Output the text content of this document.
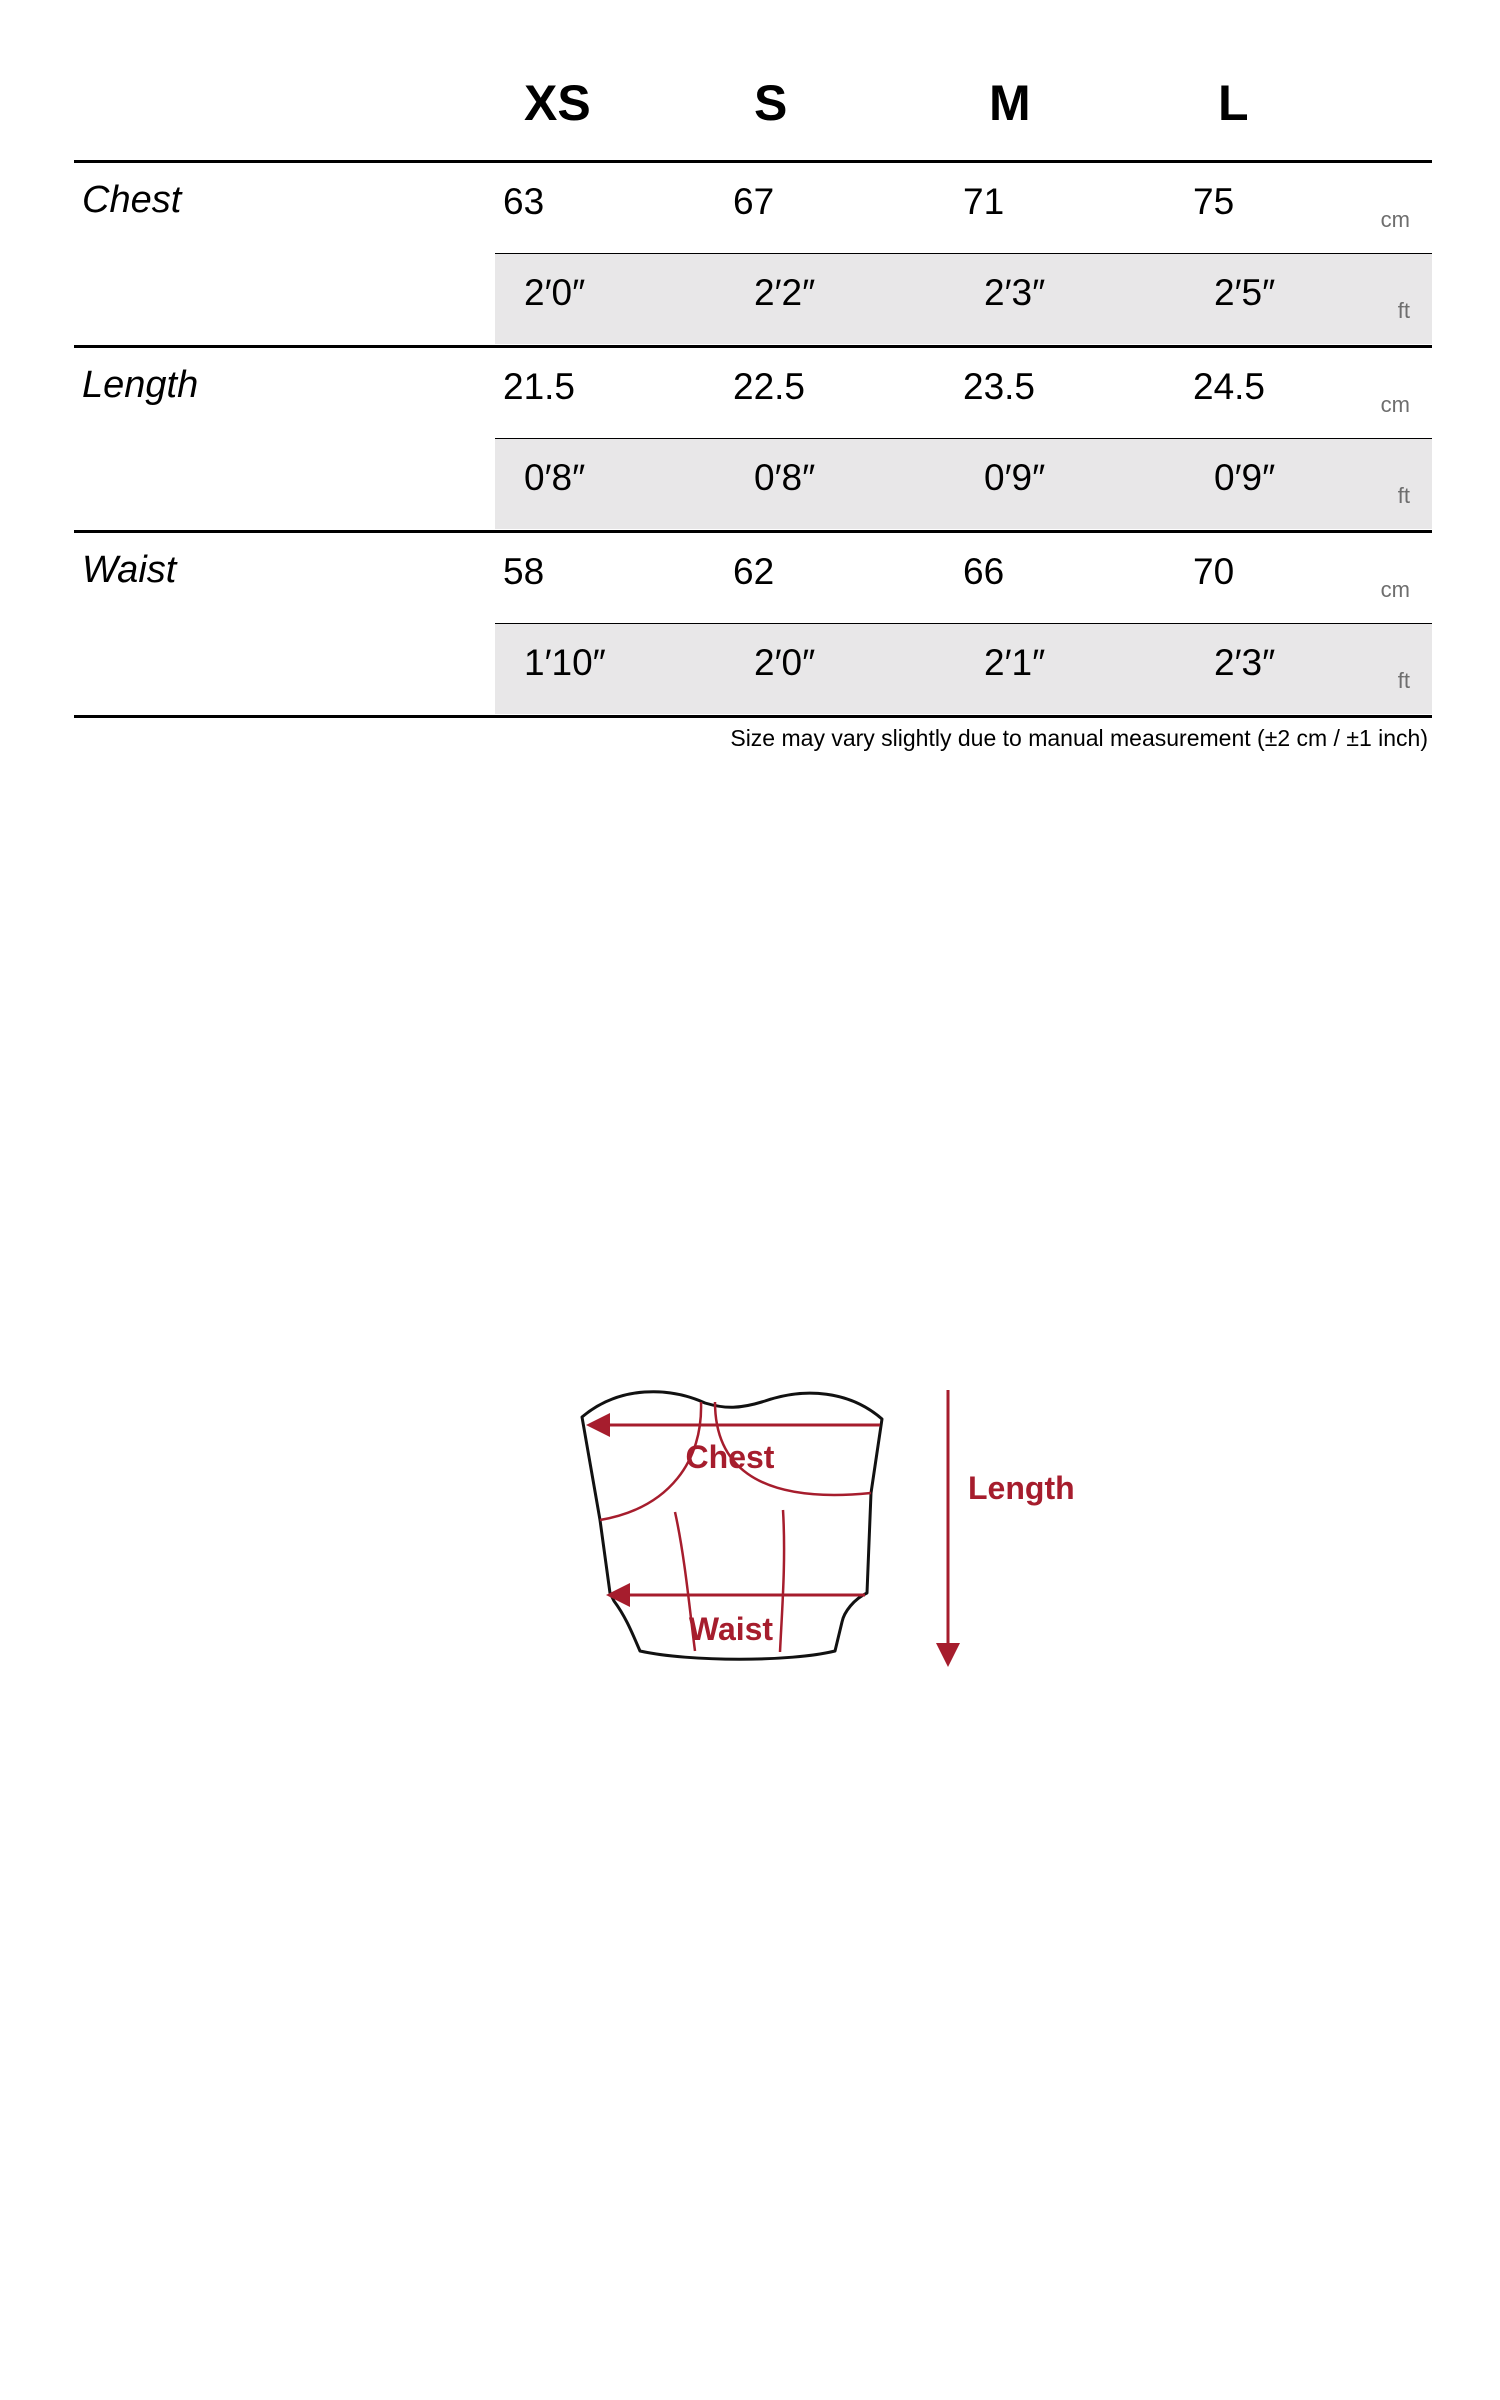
XS	S	M	L
Chest	63	67	71	75	cm
2′0″	2′2″	2′3″	2′5″	ft
Length	21.5	22.5	23.5	24.5	cm
0′8″	0′8″	0′9″	0′9″	ft
Waist	58	62	66	70	cm
1′10″	2′0″	2′1″	2′3″	ft
Size may vary slightly due to manual measurement (±2 cm / ±1 inch)
Chest
Waist
Length
